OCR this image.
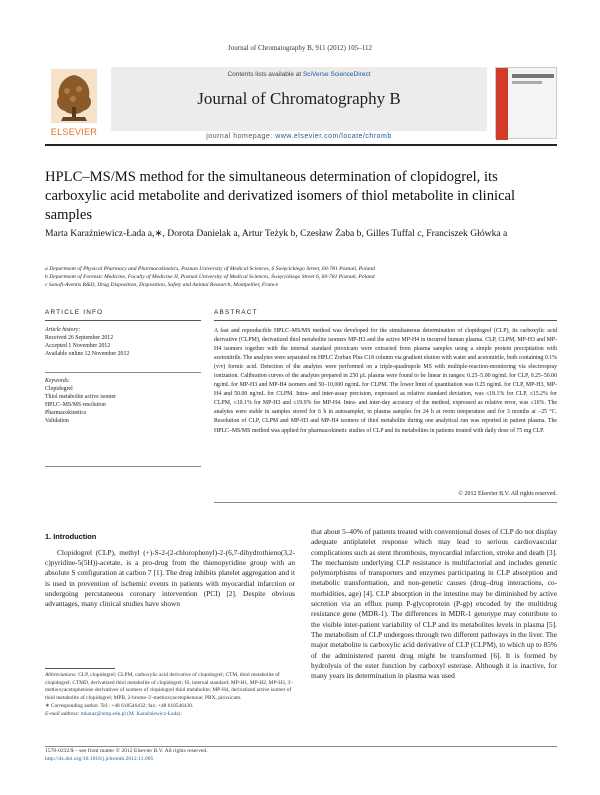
Journal of Chromatography B, 911 (2012) 105–112
ELSEVIER
Contents lists available at SciVerse ScienceDirect
Journal of Chromatography B
journal homepage: www.elsevier.com/locate/chromb
HPLC–MS/MS method for the simultaneous determination of clopidogrel, its carboxylic acid metabolite and derivatized isomers of thiol metabolite in clinical samples
Marta Karaźniewicz-Łada a,∗, Dorota Danielak a, Artur Teżyk b, Czesław Żaba b, Gilles Tuffal c, Franciszek Główka a
a Department of Physical Pharmacy and Pharmacokinetics, Poznan University of Medical Sciences, 6 Święcickiego Street, 60-781 Poznań, Poland
b Department of Forensic Medicine, Faculty of Medicine II, Poznań University of Medical Sciences, Święcickiego Street 6, 60-781 Poznań, Poland
c Sanofi-Aventis R&D, Drug Disposition, Disposition, Safety and Animal Research, Montpellier, France
ARTICLE INFO	ABSTRACT
Article history:
Received 26 September 2012
Accepted 1 November 2012
Available online 12 November 2012
Keywords:
Clopidogrel
Thiol metabolite active isomer
HPLC–MS/MS resolution
Pharmacokinetics
Validation
A fast and reproducible HPLC–MS/MS method was developed for the simultaneous determination of clopidogrel (CLP), its carboxylic acid derivative (CLPM), derivatized thiol metabolite isomers MP-H3 and the active MP-H4 in incurred human plasma. CLP, CLPM, MP-H3 and MP-H4 isomers together with the internal standard piroxicam were extracted from plasma samples using a simple protein precipitation with acetonitrile. The analytes were separated on HPLC Zorbax Plus C18 column via gradient elution with water and acetonitrile, both containing 0.1% (v/v) formic acid. Detection of the analytes were performed on a triple-quadrupole MS with multiple-reaction-monitoring via electrospray ionization. Calibration curves of the analytes prepared in 250 μL plasma were found to be linear in ranges: 0.25–5.00 ng/mL for CLP, 0.25–50.00 ng/mL for MP-H3 and MP-H4 isomers and 50–10,000 ng/mL for CLPM. The lower limit of quantitation was 0.25 ng/mL for CLP, MP-H3, MP-H4 and 50.00 ng/mL for CLPM. Intra- and inter-assay precision, expressed as relative standard deviation, was ≤18.1% for CLP, ≤15.2% for CLPM, ≤10.1% for MP-H3 and ≤19.9% for MP-H4. Intra- and inter-day accuracy of the method, expressed as relative error, was ≤16%. The analytes were stable in samples stored for 6 h in autosampler, in plasma samples for 24 h at room temperature and for 3 months at −25 °C. Resolution of CLP, CLPM and MP-H3 and MP-H4 isomers of thiol metabolite during one analytical run was reported in patient plasma. The HPLC–MS/MS method was applied for pharmacokinetic studies of CLP and its metabolites in patients treated with daily dose of 75 mg CLP.
© 2012 Elsevier B.V. All rights reserved.
1. Introduction
Clopidogrel (CLP), methyl (+)-S-2-(2-chlorophenyl)-2-(6,7-dihydrothieno(3,2-c)pyridine-5(5H))-acetate, is a pro-drug from the thienopyridine group with an absolute S configuration at carbon 7 [1]. The drug inhibits platelet aggregation and it is used in prevention of ischemic events in patients with myocardial infarction or undergoing percutaneous coronary intervention (PCI) [2]. Despite obvious advantages, many clinical studies have shown
that about 5–40% of patients treated with conventional doses of CLP do not display adequate antiplatelet response which may lead to serious cardiovascular complications such as stent thrombosis, myocardial infarction, stroke and death [3]. The mechanism underlying CLP resistance is multifactorial and includes genetic polymorphisms of transporters and enzymes participating in CLP absorption and metabolic transformation, and non-genetic causes (drug–drug interactions, co-morbidities, age) [4]. CLP absorption in the intestine may be diminished by active secretion via an efflux pump P-glycoprotein (P-gp) encoded by the multidrug resistance gene (MDR-1). The differences in MDR-1 genotype may contribute to the visible inter-patient variability of CLP and its metabolites levels in plasma [5]. The metabolism of CLP undergoes through two different pathways in the liver. The major metabolite is carboxylic acid derivative of CLP (CLPM), to which up to 85% of the administered parent drug might be transformed [6]. It is formed by hydrolysis of the ester function by carboxyl esterase. Although it is inactive, for many years its determination in plasma was used
Abbreviations: CLP, clopidogrel; CLPM, carboxylic acid derivative of clopidogrel; CTM, thiol metabolite of clopidogrel; CTMD, derivatized thiol metabolite of clopidogrel; IS, internal standard; MP-H1, MP-H2, MP-H3, 3′-methoxyacetophenone derivatives of isomers of clopidogrel thiol metabolite; MP-H4, derivatized active isomer of thiol metabolite of clopidogrel; MPB, 2-bromo-3′-methoxyacetophenone; PRX, piroxicam.
∗ Corresponding author. Tel.: +48 618546432; fax: +48 618546430.
E-mail address: mkaraz@ump.edu.pl (M. Karaźniewicz-Łada).
1570-0232/$ – see front matter © 2012 Elsevier B.V. All rights reserved.
http://dx.doi.org/10.1016/j.jchromb.2012.11.005
